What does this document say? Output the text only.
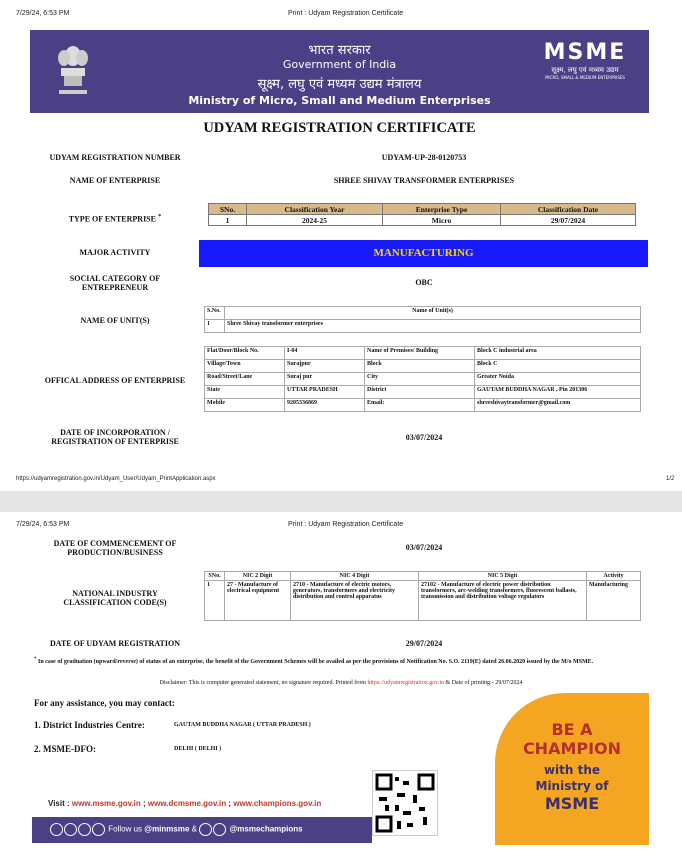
7/29/24, 6:53 PM	Print : Udyam Registration Certificate
भारत सरकार
Government of India
सूक्ष्म, लघु एवं मध्यम उद्यम मंत्रालय
Ministry of Micro, Small and Medium Enterprises
MSME
सूक्ष्म, लघु एवं मध्यम उद्यम
MICRO, SMALL & MEDIUM ENTERPRISES
UDYAM REGISTRATION CERTIFICATE
UDYAM REGISTRATION NUMBER	UDYAM-UP-28-0120753
NAME OF ENTERPRISE	SHREE SHIVAY TRANSFORMER ENTERPRISES
TYPE OF ENTERPRISE *
SNo.	Classification Year	Enterprise Type	Classification Date
1	2024-25	Micro	29/07/2024
MAJOR ACTIVITY	MANUFACTURING
SOCIAL CATEGORY OF
ENTREPRENEUR
OBC
NAME OF UNIT(S)
S.No.	Name of Unit(s)
1	Shree Shivay transformer enterprises
OFFICAL ADDRESS OF ENTERPRISE
Flat/Door/Block No.	I-04	Name of Premises/ Building	Block C industrial area
Village/Town	Surajpur	Block	Block C
Road/Street/Lane	Suraj pur	City	Greater Noida
State	UTTAR PRADESH	District	GAUTAM BUDDHA NAGAR , Pin 201306
Mobile	9205336869	Email:	shreeshivaytransformer@gmail.com
DATE OF INCORPORATION /
REGISTRATION OF ENTERPRISE	03/07/2024
https://udyamregistration.gov.in/Udyam_User/Udyam_PrintApplication.aspx	1/2
7/29/24, 6:53 PM	Print : Udyam Registration Certificate
DATE OF COMMENCEMENT OF
PRODUCTION/BUSINESS
03/07/2024
NATIONAL INDUSTRY
CLASSIFICATION CODE(S)
SNo.	NIC 2 Digit	NIC 4 Digit	NIC 5 Digit	Activity
1	27 - Manufacture of electrical equipment	2710 - Manufacture of electric motors, generators, transformers and electricity distribution and control apparatus	27102 - Manufacture of electric power distribution transformers, arc-welding transformers, fluorescent ballasts, transmission and distribution voltage regulators	Manufacturing
DATE OF UDYAM REGISTRATION	29/07/2024
* In case of graduation (upward/reverse) of status of an enterprise, the benefit of the Government Schemes will be availed as per the provisions of Notification No. S.O. 2119(E) dated 26.06.2020 issued by the M/o MSME.
Disclaimer: This is computer generated statement, no signature required. Printed from https://udyamregistration.gov.in & Date of printing:- 29/07/2024
For any assistance, you may contact:
1. District Industries Centre:	GAUTAM BUDDHA NAGAR ( UTTAR PRADESH )
2. MSME-DFO:	DELHI ( DELHI )
BE A
CHAMPION
with the
Ministry of
MSME
Visit : www.msme.gov.in ; www.dcmsme.gov.in ; www.champions.gov.in
Follow us @minmsme &	@msmechampions
